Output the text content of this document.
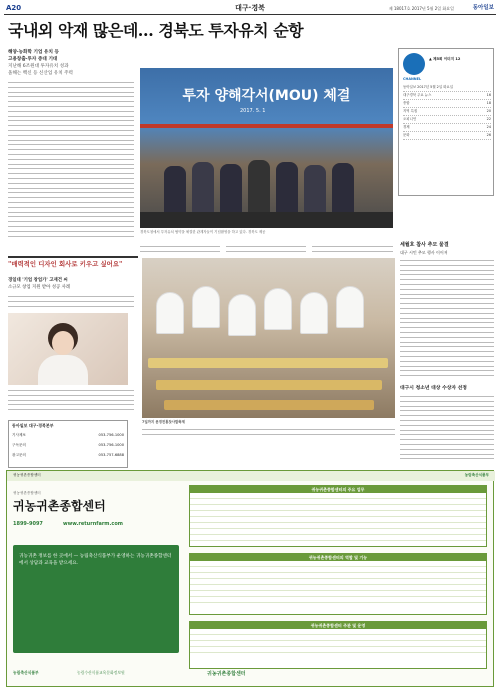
A20	대구·경북	제 18017호 2017년 5월 2일 화요일	동아일보
국내외 악재 많은데… 경북도 투자유치 순항
해양·농화학 기업 유치 등
고용창출·투자 증대 기대
지난해 6조원대 투자유치 성과
올해는 백신 등 신산업 유치 주력
투자 양해각서(MOU) 체결
2017. 5. 1
경북도청에서 투자유치 협약을 체결한 관계자들이 기념촬영을 하고 있다. 경북도 제공
CHANNEL
▲ 제5회 이미지 12
동아일보 2017년 5월 2일 화요일
대구경북 주요 뉴스	16
종합	18
지역 특집	20
오피니언	22
경제	24
문화	26
세월호 참사 추모 물결
대구 시민 추모 행사 이어져
대구시 청소년 대상 수상자 선정
"매력적인 디자인 회사로 키우고 싶어요"
경일대 '기업 창업가' 고재건 씨
소규모 창업 지원 받아 성공 사례
동아일보 대구·경북본부
기사제보	053-756-1000
구독문의	053-756-1000
광고문의	053-757-6888
7일까지 문경전통찻사발축제
귀농귀촌종합센터	농림축산식품부
귀농귀촌종합센터
귀농귀촌종합센터
1899-9097	www.returnfarm.com
귀농귀촌 정보를 한 곳에서 — 농림축산식품부가 운영하는 귀농귀촌종합센터에서 상담과 교육을 받으세요.
귀농귀촌종합센터의 주요 업무
귀농귀촌종합센터의 역할 및 기능
귀농귀촌종합센터 주관 및 운영
농림축산식품부	농림수산식품교육문화정보원	귀농귀촌종합센터
